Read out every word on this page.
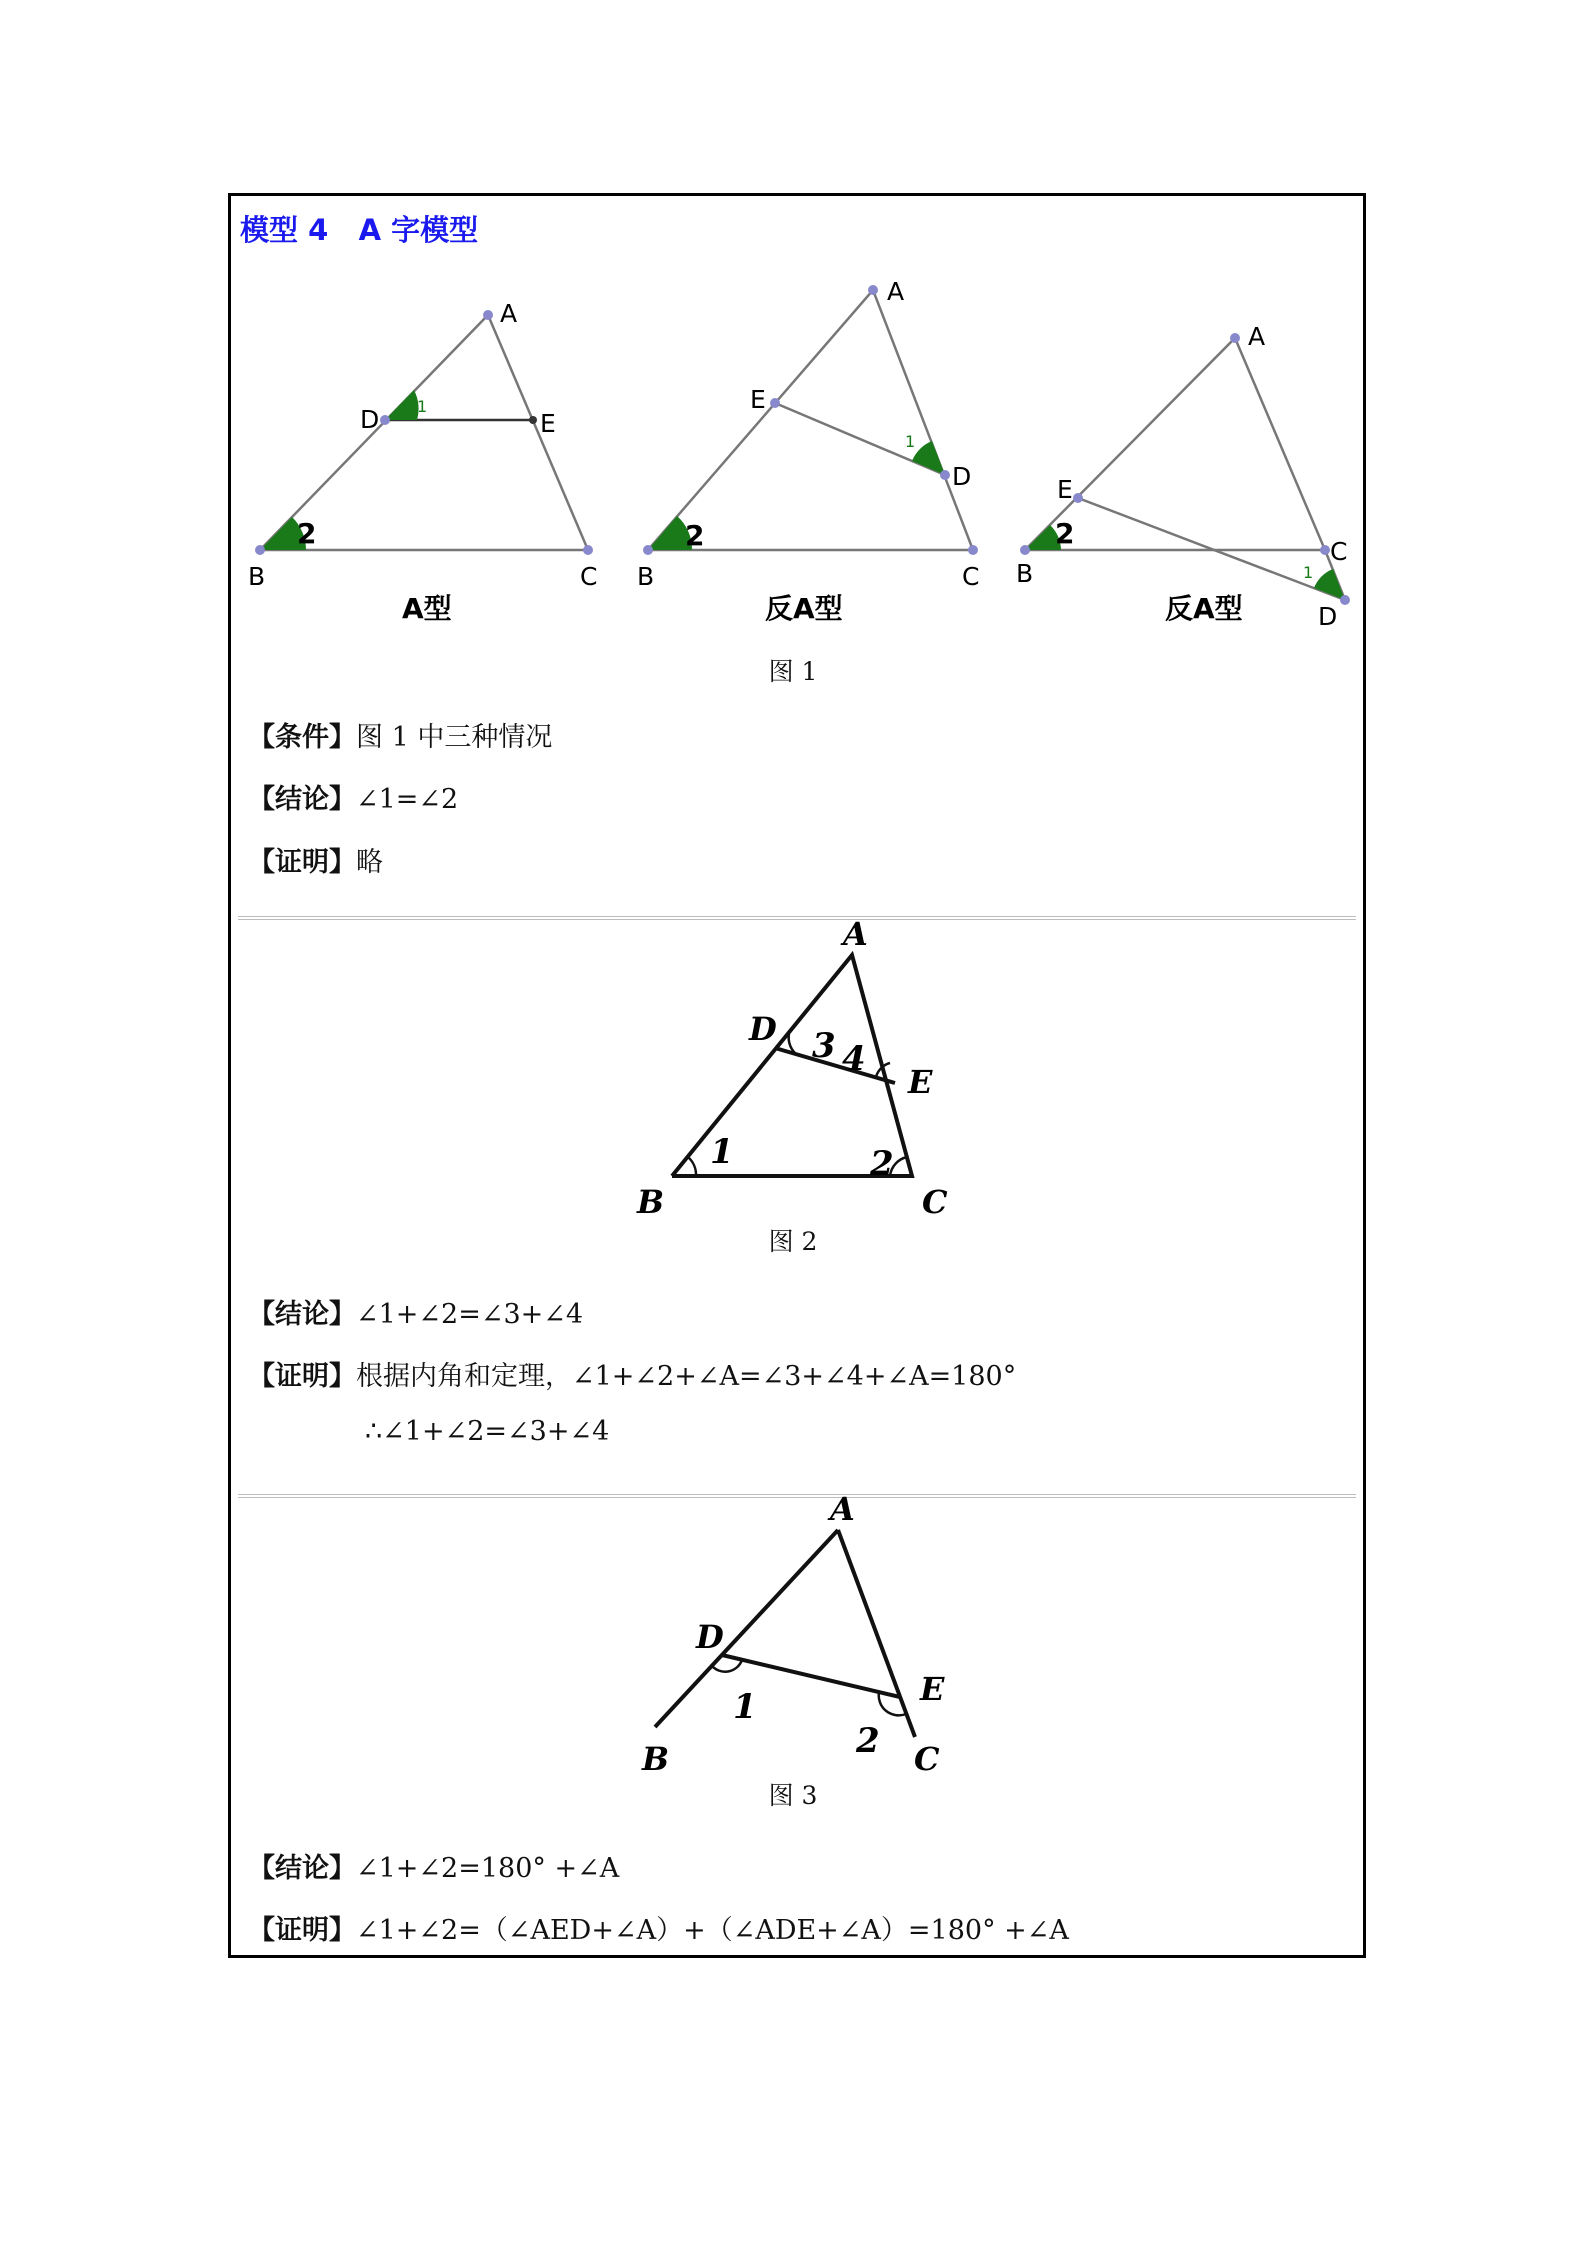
模型 4   A 字模型
A
B	C
D	E
1
2
A型
A
B	C
D
E
1
2
反A型
A
B
C
D
E
1
2
反A型
图 1
【条件】图 1 中三种情况
【结论】∠1=∠2
【证明】略
A
B	C
D
E
1	2
3 4
图 2
【结论】∠1+∠2=∠3+∠4
【证明】根据内角和定理，∠1+∠2+∠A=∠3+∠4+∠A=180°
∴∠1+∠2=∠3+∠4
A
B	C
D
E
1
2
图 3
【结论】∠1+∠2=180° +∠A
【证明】∠1+∠2=（∠AED+∠A）+（∠ADE+∠A）=180° +∠A
